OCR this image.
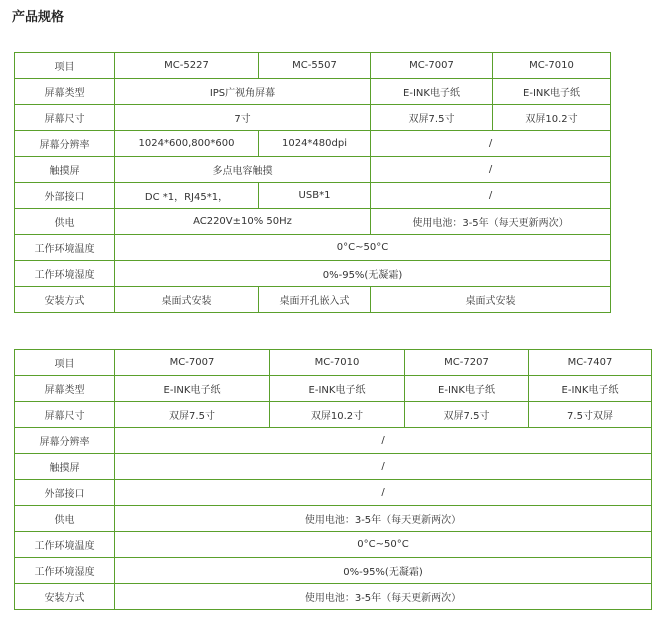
产品规格
项目	MC-5227	MC-5507	MC-7007	MC-7010
屏幕类型	IPS广视角屏幕		E-INK电子纸	E-INK电子纸
屏幕尺寸	7寸		双屏7.5寸	双屏10.2寸
屏幕分辨率	1024*600,800*600	1024*480dpi	/	
触摸屏	多点电容触摸		/	
外部接口	DC *1，RJ45*1，	USB*1	/	
供电	AC220V±10% 50Hz		使用电池：3-5年（每天更新两次）	
工作环境温度	0°C~50°C			
工作环境湿度	0%-95%(无凝霜)			
安装方式	桌面式安装	桌面开孔嵌入式	桌面式安装	
项目	MC-7007	MC-7010	MC-7207	MC-7407
屏幕类型	E-INK电子纸	E-INK电子纸	E-INK电子纸	E-INK电子纸
屏幕尺寸	双屏7.5寸	双屏10.2寸	双屏7.5寸	7.5寸双屏
屏幕分辨率	/			
触摸屏	/			
外部接口	/			
供电	使用电池：3-5年（每天更新两次）			
工作环境温度	0°C~50°C			
工作环境湿度	0%-95%(无凝霜)			
安装方式	使用电池：3-5年（每天更新两次）			
